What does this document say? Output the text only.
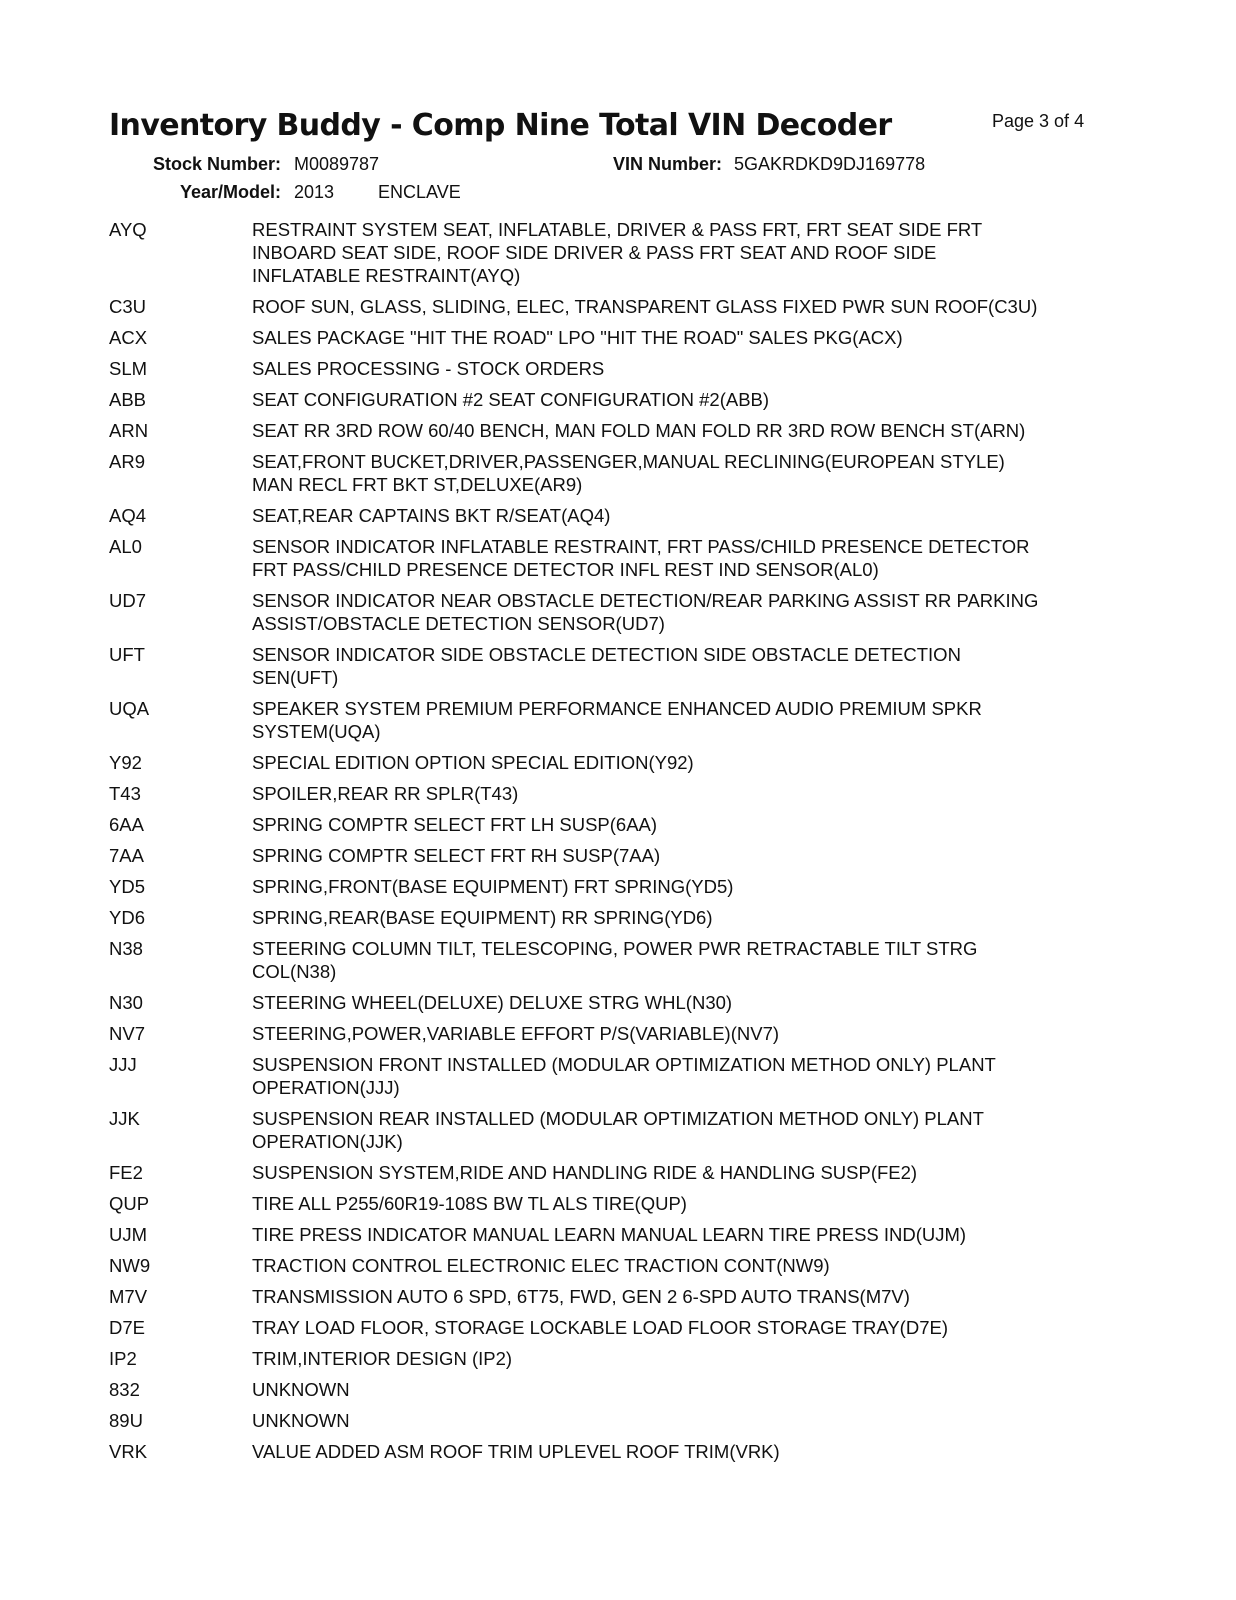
Inventory Buddy - Comp Nine Total VIN Decoder	Page 3 of 4
Stock Number: M0089787	VIN Number: 5GAKRDKD9DJ169778
Year/Model: 2013 ENCLAVE
AYQ	RESTRAINT SYSTEM SEAT, INFLATABLE, DRIVER & PASS FRT, FRT SEAT SIDE FRT
INBOARD SEAT SIDE, ROOF SIDE DRIVER & PASS FRT SEAT AND ROOF SIDE
INFLATABLE RESTRAINT(AYQ)
C3U	ROOF SUN, GLASS, SLIDING, ELEC, TRANSPARENT GLASS FIXED PWR SUN ROOF(C3U)
ACX	SALES PACKAGE "HIT THE ROAD" LPO "HIT THE ROAD" SALES PKG(ACX)
SLM	SALES PROCESSING - STOCK ORDERS
ABB	SEAT CONFIGURATION #2 SEAT CONFIGURATION #2(ABB)
ARN	SEAT RR 3RD ROW 60/40 BENCH, MAN FOLD MAN FOLD RR 3RD ROW BENCH ST(ARN)
AR9	SEAT,FRONT BUCKET,DRIVER,PASSENGER,MANUAL RECLINING(EUROPEAN STYLE)
MAN RECL FRT BKT ST,DELUXE(AR9)
AQ4	SEAT,REAR CAPTAINS BKT R/SEAT(AQ4)
AL0	SENSOR INDICATOR INFLATABLE RESTRAINT, FRT PASS/CHILD PRESENCE DETECTOR
FRT PASS/CHILD PRESENCE DETECTOR INFL REST IND SENSOR(AL0)
UD7	SENSOR INDICATOR NEAR OBSTACLE DETECTION/REAR PARKING ASSIST RR PARKING
ASSIST/OBSTACLE DETECTION SENSOR(UD7)
UFT	SENSOR INDICATOR SIDE OBSTACLE DETECTION SIDE OBSTACLE DETECTION
SEN(UFT)
UQA	SPEAKER SYSTEM PREMIUM PERFORMANCE ENHANCED AUDIO PREMIUM SPKR
SYSTEM(UQA)
Y92	SPECIAL EDITION OPTION SPECIAL EDITION(Y92)
T43	SPOILER,REAR RR SPLR(T43)
6AA	SPRING COMPTR SELECT FRT LH SUSP(6AA)
7AA	SPRING COMPTR SELECT FRT RH SUSP(7AA)
YD5	SPRING,FRONT(BASE EQUIPMENT) FRT SPRING(YD5)
YD6	SPRING,REAR(BASE EQUIPMENT) RR SPRING(YD6)
N38	STEERING COLUMN TILT, TELESCOPING, POWER PWR RETRACTABLE TILT STRG
COL(N38)
N30	STEERING WHEEL(DELUXE) DELUXE STRG WHL(N30)
NV7	STEERING,POWER,VARIABLE EFFORT P/S(VARIABLE)(NV7)
JJJ	SUSPENSION FRONT INSTALLED (MODULAR OPTIMIZATION METHOD ONLY) PLANT
OPERATION(JJJ)
JJK	SUSPENSION REAR INSTALLED (MODULAR OPTIMIZATION METHOD ONLY) PLANT
OPERATION(JJK)
FE2	SUSPENSION SYSTEM,RIDE AND HANDLING RIDE & HANDLING SUSP(FE2)
QUP	TIRE ALL P255/60R19-108S BW TL ALS TIRE(QUP)
UJM	TIRE PRESS INDICATOR MANUAL LEARN MANUAL LEARN TIRE PRESS IND(UJM)
NW9	TRACTION CONTROL ELECTRONIC ELEC TRACTION CONT(NW9)
M7V	TRANSMISSION AUTO 6 SPD, 6T75, FWD, GEN 2 6-SPD AUTO TRANS(M7V)
D7E	TRAY LOAD FLOOR, STORAGE LOCKABLE LOAD FLOOR STORAGE TRAY(D7E)
IP2	TRIM,INTERIOR DESIGN (IP2)
832	UNKNOWN
89U	UNKNOWN
VRK	VALUE ADDED ASM ROOF TRIM UPLEVEL ROOF TRIM(VRK)
